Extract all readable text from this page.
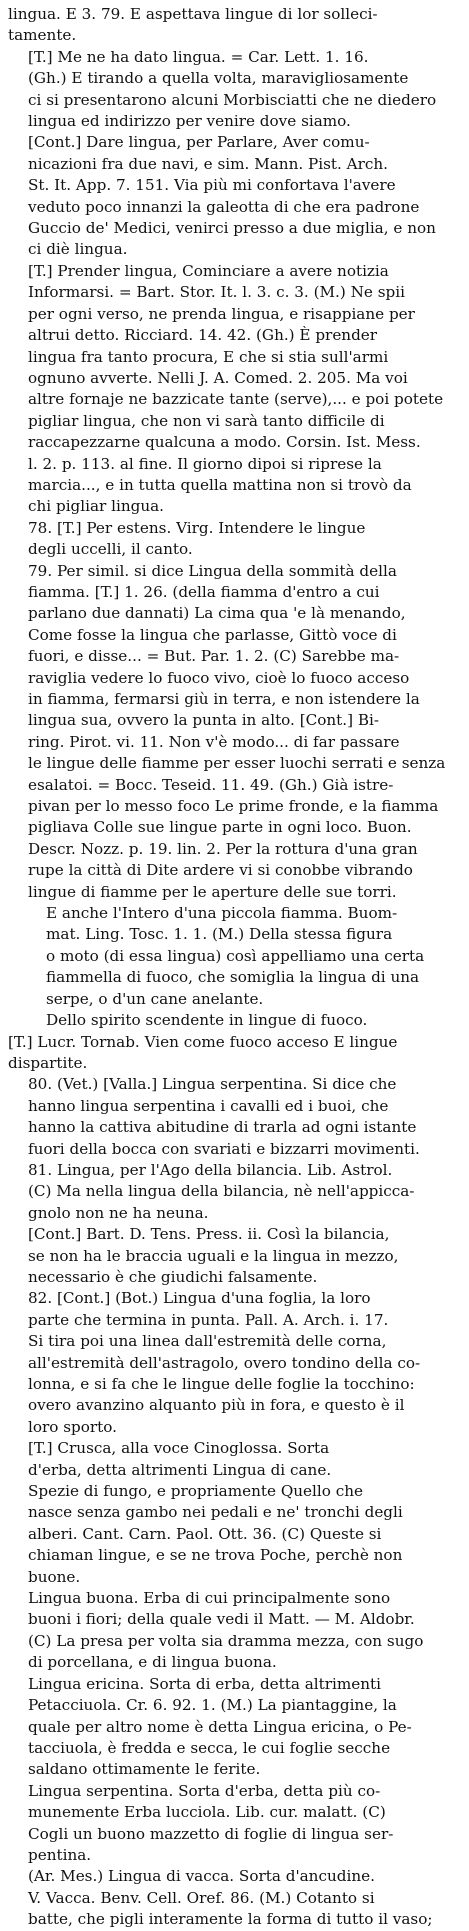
lingua. E 3. 79. E aspettava lingue di lor solleci-
tamente.
[T.] Me ne ha dato lingua. = Car. Lett. 1. 16.
(Gh.) E tirando a quella volta, maravigliosamente
ci si presentarono alcuni Morbisciatti che ne diedero
lingua ed indirizzo per venire dove siamo.
[Cont.] Dare lingua, per Parlare, Aver comu-
nicazioni fra due navi, e sim. Mann. Pist. Arch.
St. It. App. 7. 151. Via più mi confortava l'avere
veduto poco innanzi la galeotta di che era padrone
Guccio de' Medici, venirci presso a due miglia, e non
ci diè lingua.
[T.] Prender lingua, Cominciare a avere notizia
Informarsi. = Bart. Stor. It. l. 3. c. 3. (M.) Ne spii
per ogni verso, ne prenda lingua, e risappiane per
altrui detto. Ricciard. 14. 42. (Gh.) È prender
lingua fra tanto procura, E che si stia sull'armi
ognuno avverte. Nelli J. A. Comed. 2. 205. Ma voi
altre fornaje ne bazzicate tante (serve),... e poi potete
pigliar lingua, che non vi sarà tanto difficile di
raccapezzarne qualcuna a modo. Corsin. Ist. Mess.
l. 2. p. 113. al fine. Il giorno dipoi si riprese la
marcia..., e in tutta quella mattina non si trovò da
chi pigliar lingua.
78. [T.] Per estens. Virg. Intendere le lingue
degli uccelli, il canto.
79. Per simil. si dice Lingua della sommità della
fiamma. [T.] 1. 26. (della fiamma d'entro a cui
parlano due dannati) La cima qua 'e là menando,
Come fosse la lingua che parlasse, Gittò voce di
fuori, e disse... = But. Par. 1. 2. (C) Sarebbe ma-
raviglia vedere lo fuoco vivo, cioè lo fuoco acceso
in fiamma, fermarsi giù in terra, e non istendere la
lingua sua, ovvero la punta in alto. [Cont.] Bi-
ring. Pirot. vi. 11. Non v'è modo... di far passare
le lingue delle fiamme per esser luochi serrati e senza
esalatoi. = Bocc. Teseid. 11. 49. (Gh.) Già istre-
pivan per lo messo foco Le prime fronde, e la fiamma
pigliava Colle sue lingue parte in ogni loco. Buon.
Descr. Nozz. p. 19. lin. 2. Per la rottura d'una gran
rupe la città di Dite ardere vi si conobbe vibrando
lingue di fiamme per le aperture delle sue torri.
E anche l'Intero d'una piccola fiamma. Buom-
mat. Ling. Tosc. 1. 1. (M.) Della stessa figura
o moto (di essa lingua) così appelliamo una certa
fiammella di fuoco, che somiglia la lingua di una
serpe, o d'un cane anelante.
Dello spirito scendente in lingue di fuoco.
[T.] Lucr. Tornab. Vien come fuoco acceso E lingue
dispartite.
80. (Vet.) [Valla.] Lingua serpentina. Si dice che
hanno lingua serpentina i cavalli ed i buoi, che
hanno la cattiva abitudine di trarla ad ogni istante
fuori della bocca con svariati e bizzarri movimenti.
81. Lingua, per l'Ago della bilancia. Lib. Astrol.
(C) Ma nella lingua della bilancia, nè nell'appicca-
gnolo non ne ha neuna.
[Cont.] Bart. D. Tens. Press. ii. Così la bilancia,
se non ha le braccia uguali e la lingua in mezzo,
necessario è che giudichi falsamente.
82. [Cont.] (Bot.) Lingua d'una foglia, la loro
parte che termina in punta. Pall. A. Arch. i. 17.
Si tira poi una linea dall'estremità delle corna,
all'estremità dell'astragolo, overo tondino della co-
lonna, e si fa che le lingue delle foglie la tocchino:
overo avanzino alquanto più in fora, e questo è il
loro sporto.
[T.] Crusca, alla voce Cinoglossa. Sorta
d'erba, detta altrimenti Lingua di cane.
Spezie di fungo, e propriamente Quello che
nasce senza gambo nei pedali e ne' tronchi degli
alberi. Cant. Carn. Paol. Ott. 36. (C) Queste si
chiaman lingue, e se ne trova Poche, perchè non
buone.
Lingua buona. Erba di cui principalmente sono
buoni i fiori; della quale vedi il Matt. — M. Aldobr.
(C) La presa per volta sia dramma mezza, con sugo
di porcellana, e di lingua buona.
Lingua ericina. Sorta di erba, detta altrimenti
Petacciuola. Cr. 6. 92. 1. (M.) La piantaggine, la
quale per altro nome è detta Lingua ericina, o Pe-
tacciuola, è fredda e secca, le cui foglie secche
saldano ottimamente le ferite.
Lingua serpentina. Sorta d'erba, detta più co-
munemente Erba lucciola. Lib. cur. malatt. (C)
Cogli un buono mazzetto di foglie di lingua ser-
pentina.
(Ar. Mes.) Lingua di vacca. Sorta d'ancudine.
V. Vacca. Benv. Cell. Oref. 86. (M.) Cotanto si
batte, che pigli interamente la forma di tutto il vaso;
